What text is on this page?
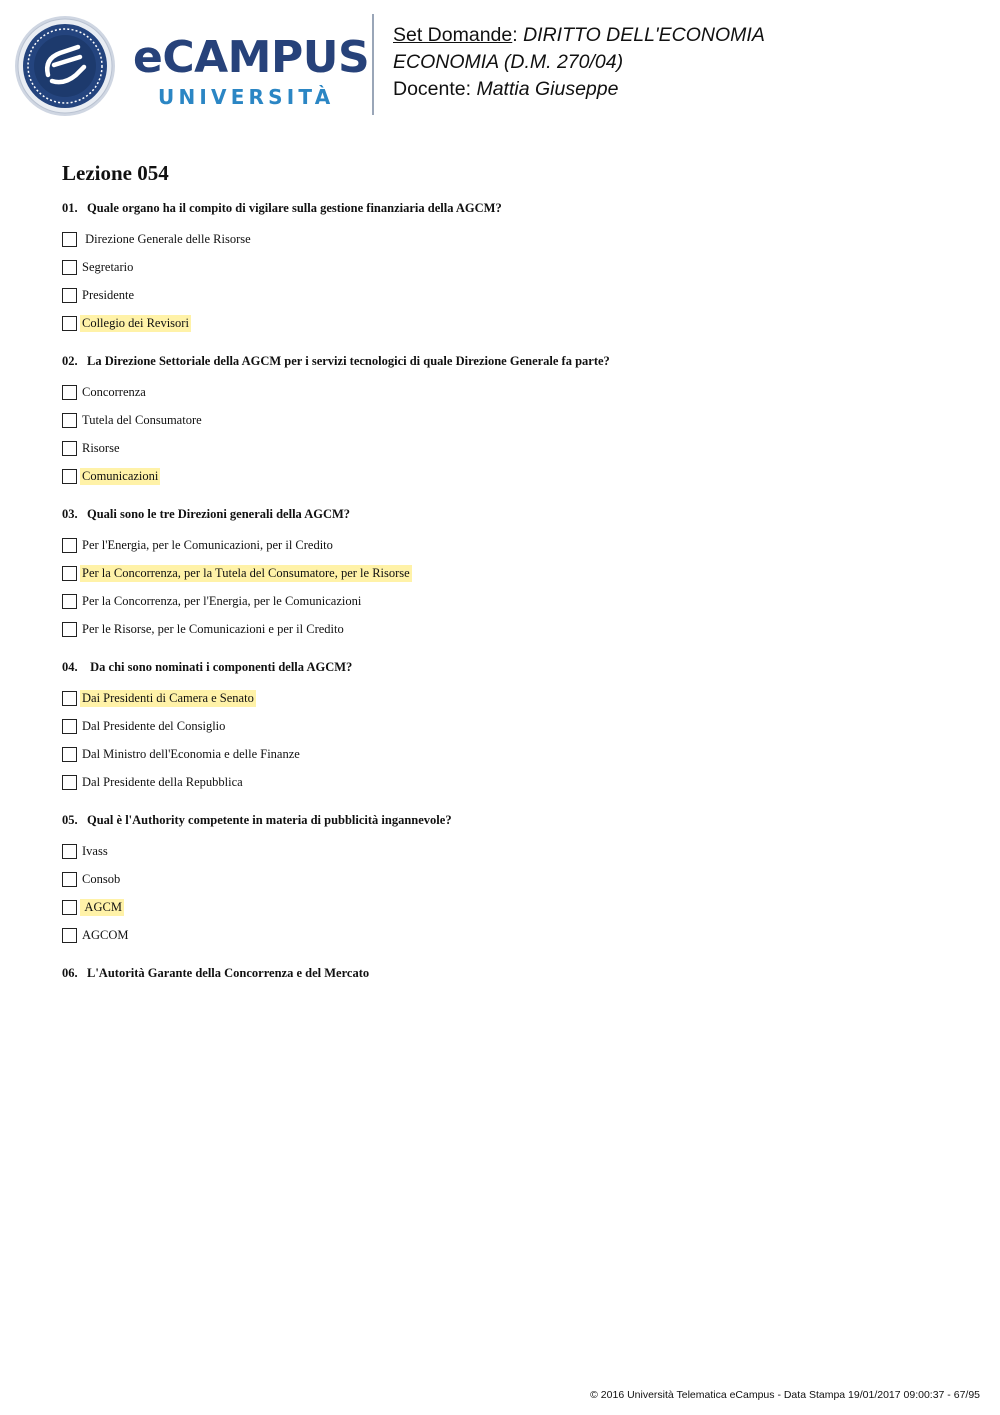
eCAMPUS
UNIVERSITÀ
Set Domande: DIRITTO DELL'ECONOMIA
ECONOMIA (D.M. 270/04)
Docente: Mattia Giuseppe
Lezione 054
01. Quale organo ha il compito di vigilare sulla gestione finanziaria della AGCM?
Direzione Generale delle Risorse
Segretario
Presidente
Collegio dei Revisori
02. La Direzione Settoriale della AGCM per i servizi tecnologici di quale Direzione Generale fa parte?
Concorrenza
Tutela del Consumatore
Risorse
Comunicazioni
03. Quali sono le tre Direzioni generali della AGCM?
Per l'Energia, per le Comunicazioni, per il Credito
Per la Concorrenza, per la Tutela del Consumatore, per le Risorse
Per la Concorrenza, per l'Energia, per le Comunicazioni
Per le Risorse, per le Comunicazioni e per il Credito
04. Da chi sono nominati i componenti della AGCM?
Dai Presidenti di Camera e Senato
Dal Presidente del Consiglio
Dal Ministro dell'Economia e delle Finanze
Dal Presidente della Repubblica
05. Qual è l'Authority competente in materia di pubblicità ingannevole?
Ivass
Consob
AGCM
AGCOM
06. L'Autorità Garante della Concorrenza e del Mercato
© 2016 Università Telematica eCampus - Data Stampa 19/01/2017 09:00:37 - 67/95
